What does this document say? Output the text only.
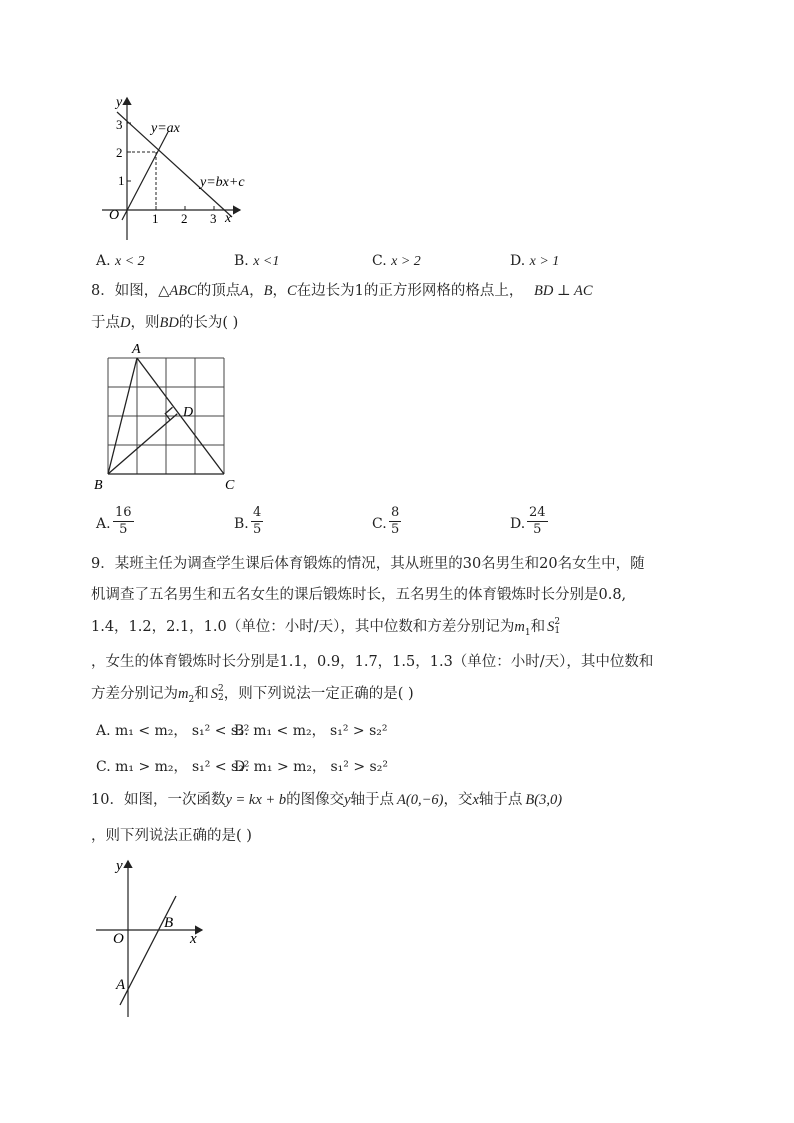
y
x
O
3
2
1
1 2 3
y=ax
y=bx+c
A. x < 2	B. x <1	C. x > 2	D. x > 1
8．如图，△ABC的顶点A，B，C在边长为1的正方形网格的格点上， BD ⊥ AC
于点D，则BD的长为( )
A
B	C
D
A.
16
5	B.
4
5	C.
8
5	D.
24
5
9．某班主任为调查学生课后体育锻炼的情况，其从班里的30名男生和20名女生中，随
机调查了五名男生和五名女生的课后锻炼时长，五名男生的体育锻炼时长分别是0.8,
1.4，1.2，2.1，1.0（单位：小时/天），其中位数和方差分别记为$m_1$和 S 2
1
，女生的体育锻炼时长分别是1.1，0.9，1.7，1.5，1.3（单位：小时/天），其中位数和
方差分别记为$m_2$和 S 2
2 ，则下列说法一定正确的是( )
A. m₁ < m₂， s₁² < s₂²
B. m₁ < m₂， s₁² > s₂²
C. m₁ > m₂， s₁² < s₂²
D. m₁ > m₂， s₁² > s₂²
10．如图，一次函数y = kx + b的图像交y轴于点 A(0,−6)，交x轴于点 B(3,0)
，则下列说法正确的是( )
y
x
O
B
A
